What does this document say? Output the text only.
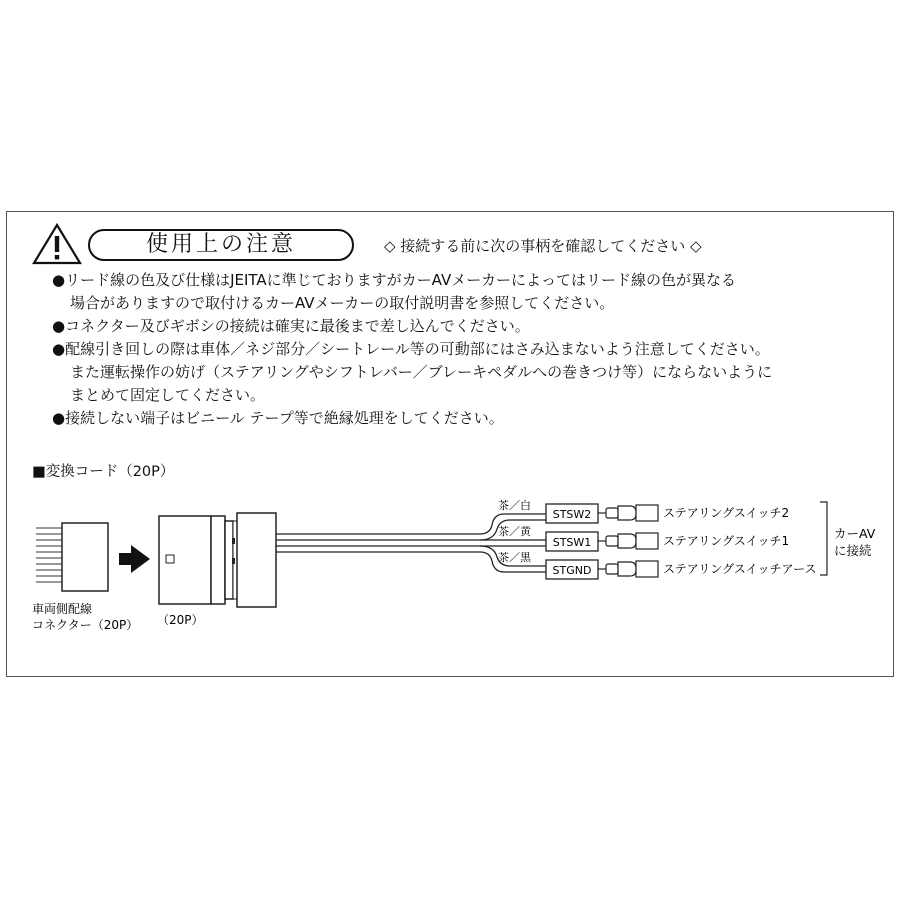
使用上の注意	◇ 接続する前に次の事柄を確認してください ◇
●リード線の色及び仕様はJEITAに準じておりますがカーAVメーカーによってはリード線の色が異なる
場合がありますので取付けるカーAVメーカーの取付説明書を参照してください。
●コネクター及びギボシの接続は確実に最後まで差し込んでください。
●配線引き回しの際は車体／ネジ部分／シートレール等の可動部にはさみ込まないよう注意してください。
また運転操作の妨げ（ステアリングやシフトレバー／ブレーキペダルへの巻きつけ等）にならないように
まとめて固定してください。
●接続しない端子はビニール テープ等で絶縁処理をしてください。
■変換コード（20P）
茶／白
茶／黄
茶／黒
STSW2
STSW1
STGND
ステアリングスイッチ2
ステアリングスイッチ1
ステアリングスイッチアース
カーAV
に接続
車両側配線
コネクター（20P） （20P）
